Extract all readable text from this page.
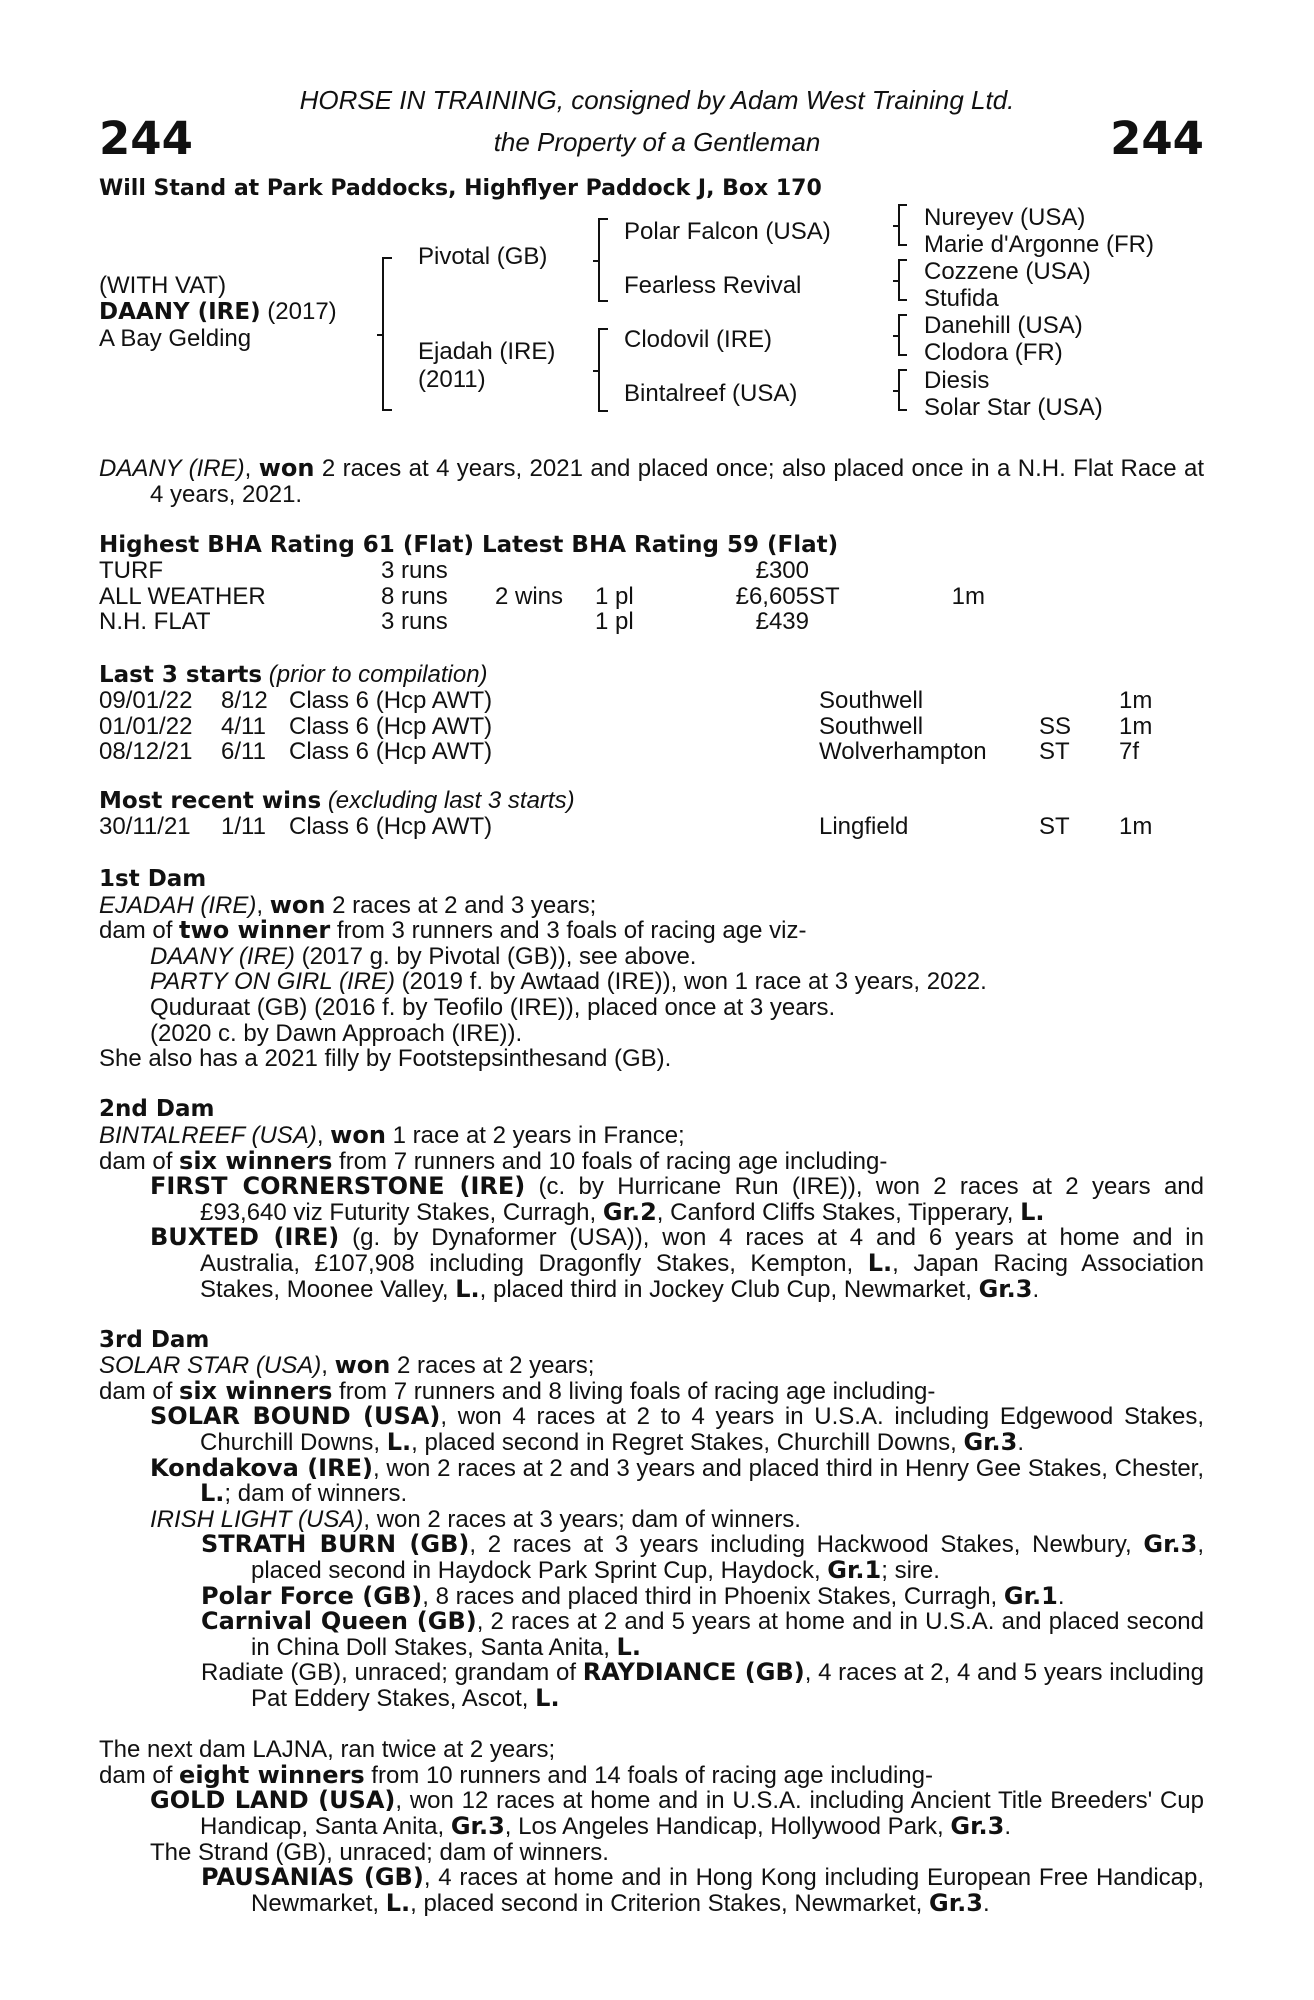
244	244
HORSE IN TRAINING, consigned by Adam West Training Ltd.
the Property of a Gentleman
Will Stand at Park Paddocks, Highflyer Paddock J, Box 170
(WITH VAT)
DAANY (IRE) (2017)
A Bay Gelding
Pivotal (GB)
Ejadah (IRE)
(2011)
Polar Falcon (USA)
Fearless Revival
Clodovil (IRE)
Bintalreef (USA)
Nureyev (USA)
Marie d'Argonne (FR)
Cozzene (USA)
Stufida
Danehill (USA)
Clodora (FR)
Diesis
Solar Star (USA)

DAANY (IRE), won 2 races at 4 years, 2021 and placed once; also placed once in a N.H. Flat Race at 4 years, 2021.

Highest BHA Rating 61 (Flat) Latest BHA Rating 59 (Flat)
TURF	3 runs			£300		
ALL WEATHER	8 runs	2 wins	1 pl	£6,605	ST	1m
N.H. FLAT	3 runs		1 pl	£439		
Last 3 starts (prior to compilation)
09/01/22	8/12	Class 6 (Hcp AWT)	Southwell		1m
01/01/22	4/11	Class 6 (Hcp AWT)	Southwell	SS	1m
08/12/21	6/11	Class 6 (Hcp AWT)	Wolverhampton	ST	7f
Most recent wins (excluding last 3 starts)
30/11/21	1/11	Class 6 (Hcp AWT)	Lingfield	ST	1m

1st Dam

EJADAH (IRE), won 2 races at 2 and 3 years;

dam of two winner from 3 runners and 3 foals of racing age viz-

DAANY (IRE) (2017 g. by Pivotal (GB)), see above.

PARTY ON GIRL (IRE) (2019 f. by Awtaad (IRE)), won 1 race at 3 years, 2022.

Quduraat (GB) (2016 f. by Teofilo (IRE)), placed once at 3 years.

(2020 c. by Dawn Approach (IRE)).

She also has a 2021 filly by Footstepsinthesand (GB).

2nd Dam

BINTALREEF (USA), won 1 race at 2 years in France;

dam of six winners from 7 runners and 10 foals of racing age including-

FIRST CORNERSTONE (IRE) (c. by Hurricane Run (IRE)), won 2 races at 2 years and £93,640 viz Futurity Stakes, Curragh, Gr.2, Canford Cliffs Stakes, Tipperary, L.

BUXTED (IRE) (g. by Dynaformer (USA)), won 4 races at 4 and 6 years at home and in Australia, £107,908 including Dragonfly Stakes, Kempton, L., Japan Racing Association Stakes, Moonee Valley, L., placed third in Jockey Club Cup, Newmarket, Gr.3.

3rd Dam

SOLAR STAR (USA), won 2 races at 2 years;

dam of six winners from 7 runners and 8 living foals of racing age including-

SOLAR BOUND (USA), won 4 races at 2 to 4 years in U.S.A. including Edgewood Stakes, Churchill Downs, L., placed second in Regret Stakes, Churchill Downs, Gr.3.

Kondakova (IRE), won 2 races at 2 and 3 years and placed third in Henry Gee Stakes, Chester, L.; dam of winners.

IRISH LIGHT (USA), won 2 races at 3 years; dam of winners.

STRATH BURN (GB), 2 races at 3 years including Hackwood Stakes, Newbury, Gr.3, placed second in Haydock Park Sprint Cup, Haydock, Gr.1; sire.

Polar Force (GB), 8 races and placed third in Phoenix Stakes, Curragh, Gr.1.

Carnival Queen (GB), 2 races at 2 and 5 years at home and in U.S.A. and placed second in China Doll Stakes, Santa Anita, L.

Radiate (GB), unraced; grandam of RAYDIANCE (GB), 4 races at 2, 4 and 5 years including Pat Eddery Stakes, Ascot, L.

The next dam LAJNA, ran twice at 2 years;

dam of eight winners from 10 runners and 14 foals of racing age including-

GOLD LAND (USA), won 12 races at home and in U.S.A. including Ancient Title Breeders' Cup Handicap, Santa Anita, Gr.3, Los Angeles Handicap, Hollywood Park, Gr.3.

The Strand (GB), unraced; dam of winners.

PAUSANIAS (GB), 4 races at home and in Hong Kong including European Free Handicap, Newmarket, L., placed second in Criterion Stakes, Newmarket, Gr.3.
